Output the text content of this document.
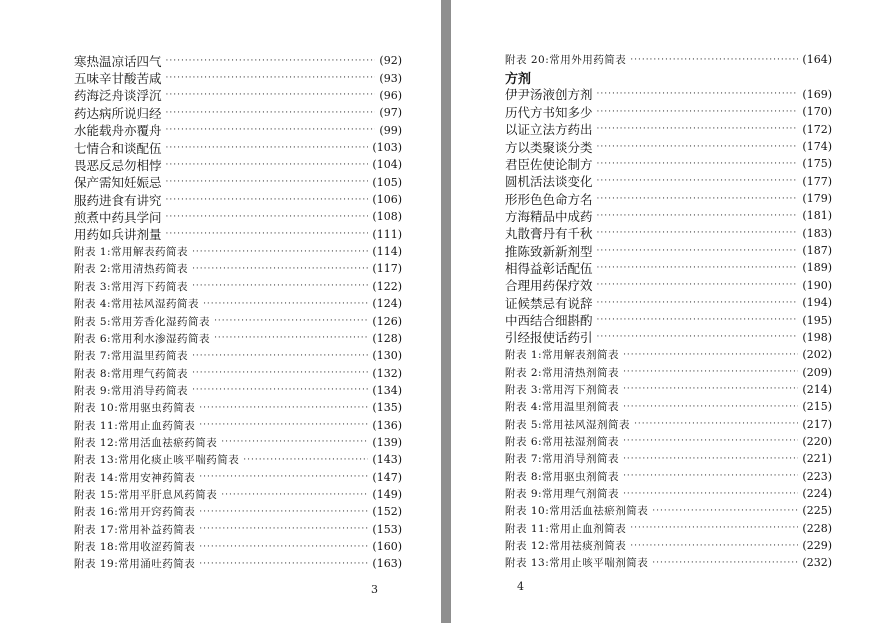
寒热温凉话四气 ·····	(92)
五味辛甘酸苦咸 ·····	(93)
药海泛舟谈浮沉 ·····	(96)
药达病所说归经 ·····	(97)
水能载舟亦覆舟 ·····	(99)
七情合和谈配伍 ·····	(103)
畏恶反忌勿相悖 ·····	(104)
保产需知妊娠忌 ·····	(105)
服药进食有讲究 ·····	(106)
煎煮中药具学问 ·····	(108)
用药如兵讲剂量 ·····	(111)
附表 1:常用解表药简表 ·····	(114)
附表 2:常用清热药简表 ·····	(117)
附表 3:常用泻下药简表 ·····	(122)
附表 4:常用祛风湿药简表 ·····	(124)
附表 5:常用芳香化湿药简表 ·····	(126)
附表 6:常用利水渗湿药简表 ·····	(128)
附表 7:常用温里药简表 ·····	(130)
附表 8:常用理气药简表 ·····	(132)
附表 9:常用消导药简表 ·····	(134)
附表 10:常用驱虫药简表 ·····	(135)
附表 11:常用止血药简表 ·····	(136)
附表 12:常用活血祛瘀药简表 ·····	(139)
附表 13:常用化痰止咳平喘药简表 ·····	(143)
附表 14:常用安神药简表 ·····	(147)
附表 15:常用平肝息风药简表 ·····	(149)
附表 16:常用开窍药简表 ·····	(152)
附表 17:常用补益药简表 ·····	(153)
附表 18:常用收涩药简表 ·····	(160)
附表 19:常用涌吐药简表 ·····	(163)
3
附表 20:常用外用药简表 ·····	(164)
方剂
伊尹汤液创方剂 ·····	(169)
历代方书知多少 ·····	(170)
以证立法方药出 ·····	(172)
方以类聚谈分类 ·····	(174)
君臣佐使论制方 ·····	(175)
圆机活法谈变化 ·····	(177)
形形色色命方名 ·····	(179)
方海精品中成药 ·····	(181)
丸散膏丹有千秋 ·····	(183)
推陈致新新剂型 ·····	(187)
相得益彰话配伍 ·····	(189)
合理用药保疗效 ·····	(190)
证候禁忌有说辞 ·····	(194)
中西结合细斟酌 ·····	(195)
引经报使话药引 ·····	(198)
附表 1:常用解表剂简表 ·····	(202)
附表 2:常用清热剂简表 ·····	(209)
附表 3:常用泻下剂简表 ·····	(214)
附表 4:常用温里剂简表 ·····	(215)
附表 5:常用祛风湿剂简表 ·····	(217)
附表 6:常用祛湿剂简表 ·····	(220)
附表 7:常用消导剂简表 ·····	(221)
附表 8:常用驱虫剂简表 ·····	(223)
附表 9:常用理气剂简表 ·····	(224)
附表 10:常用活血祛瘀剂简表 ·····	(225)
附表 11:常用止血剂简表 ·····	(228)
附表 12:常用祛痰剂简表 ·····	(229)
附表 13:常用止咳平喘剂简表 ·····	(232)
4
